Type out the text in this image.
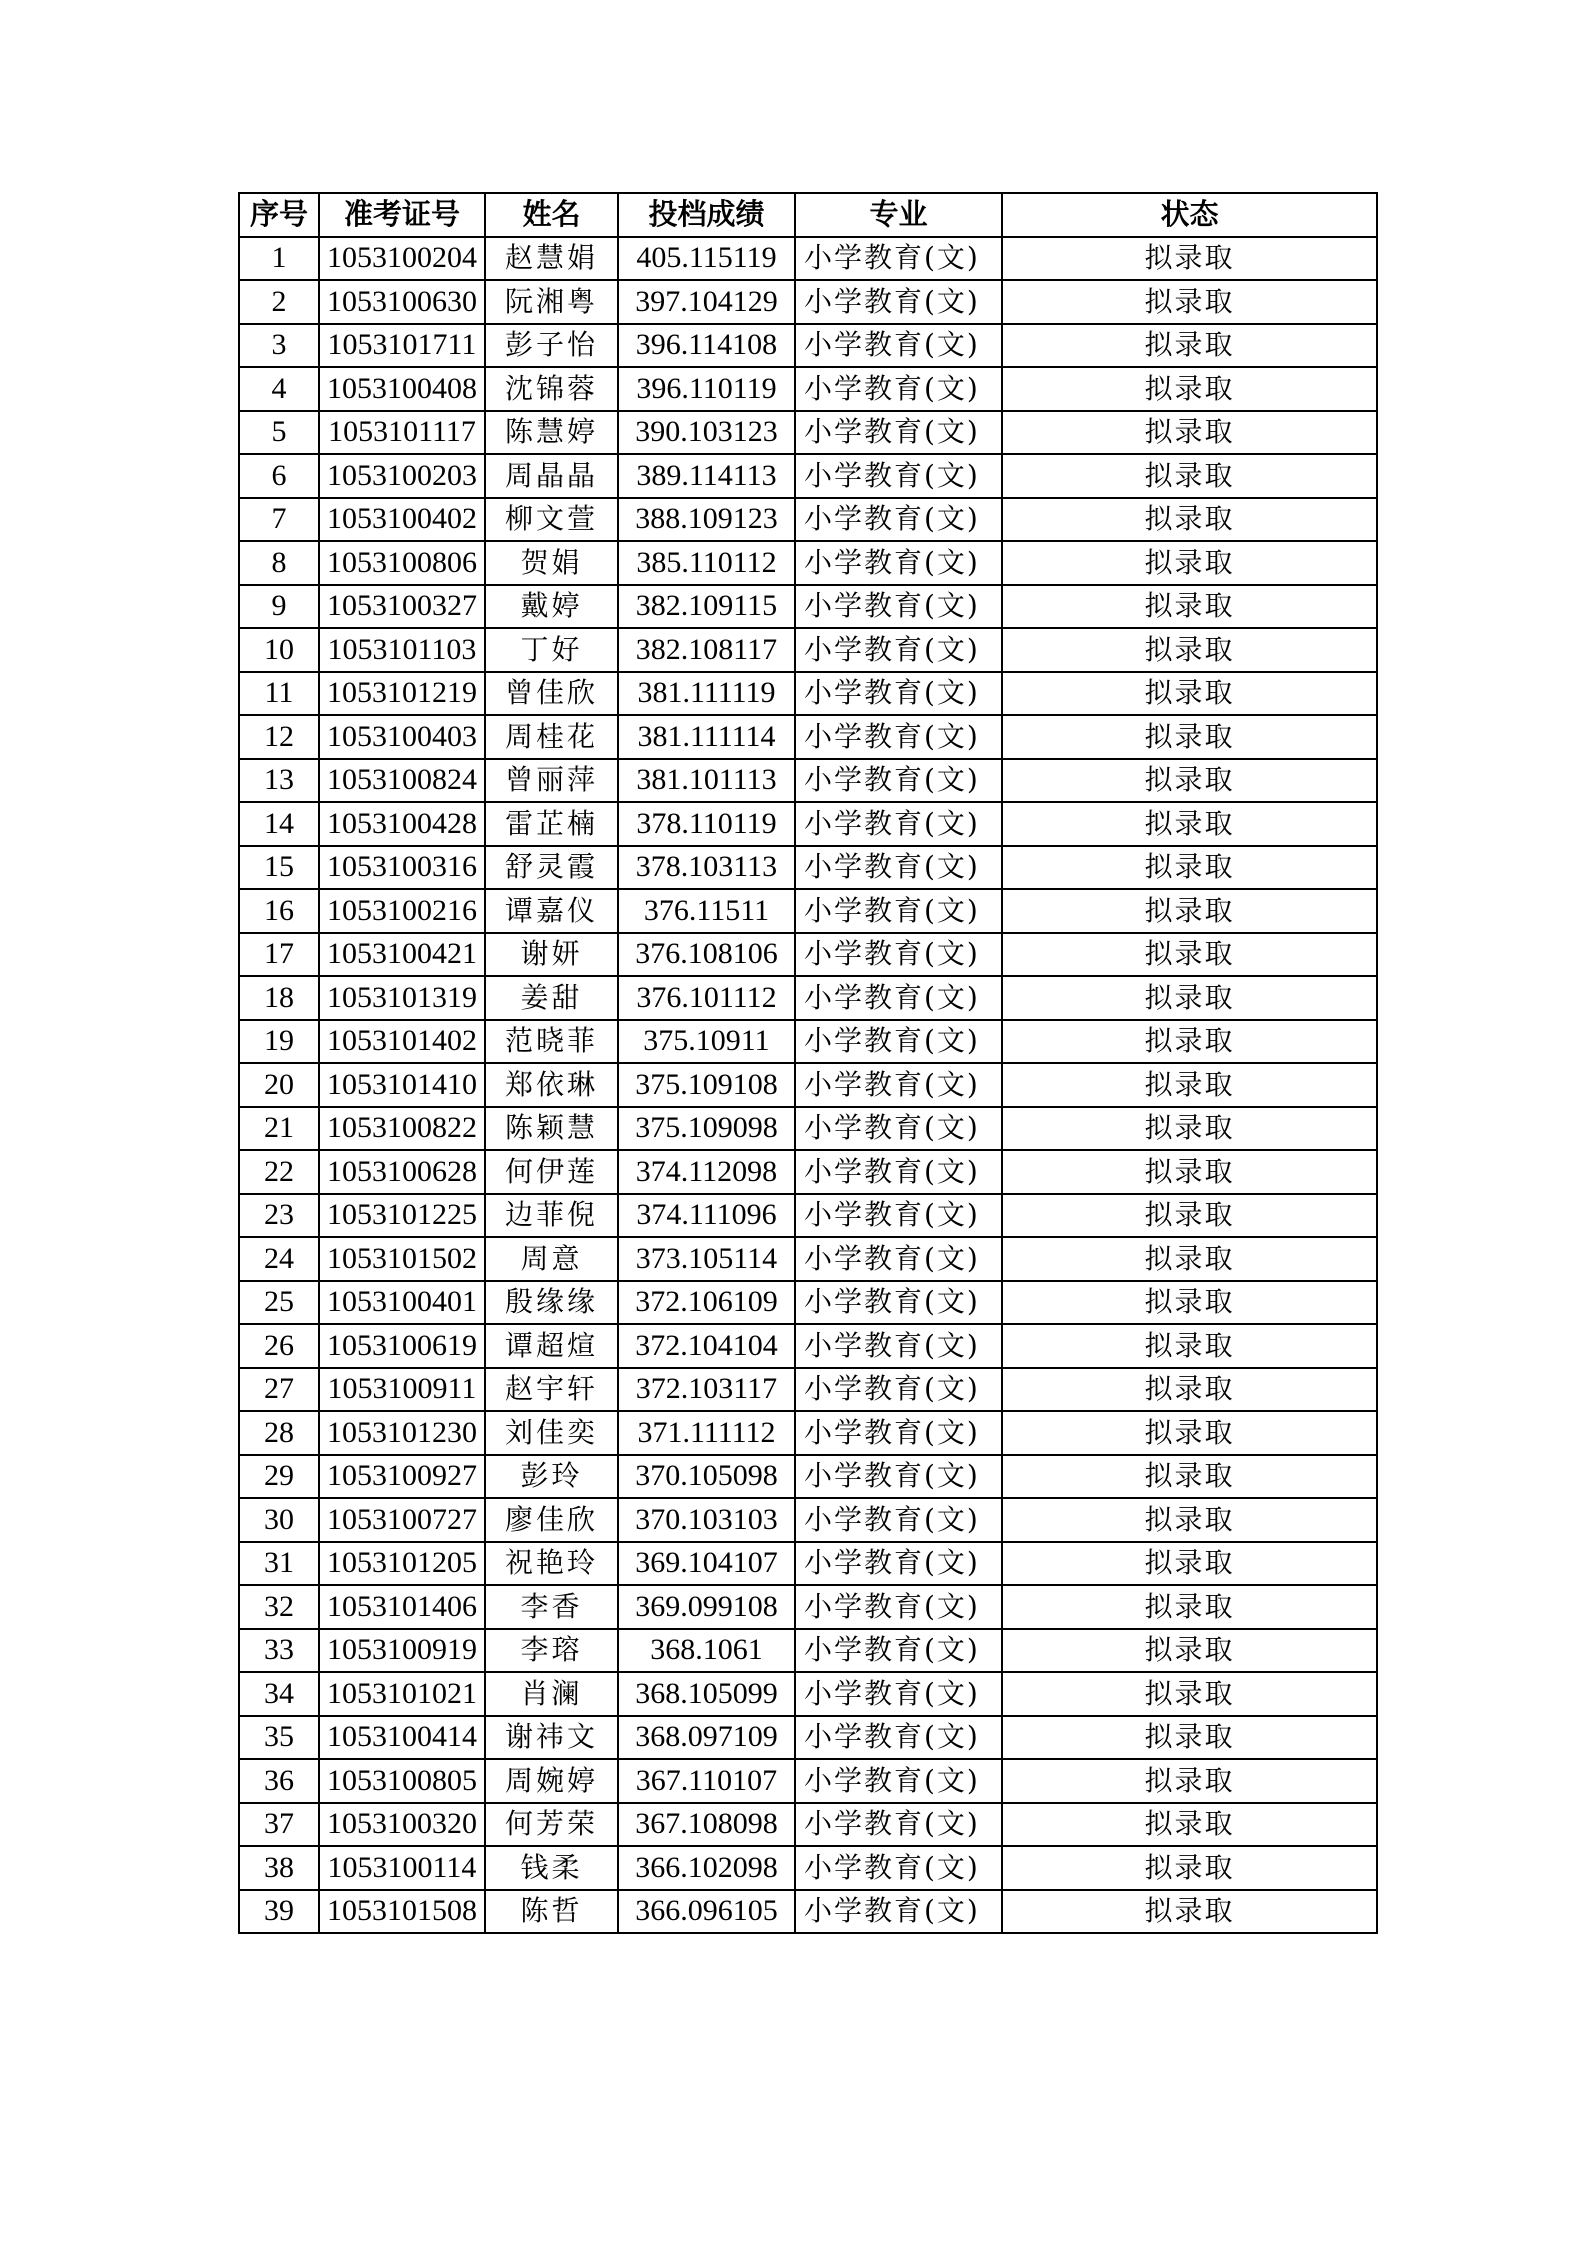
序号	准考证号	姓名	投档成绩	专业	状态
1	1053100204	赵慧娟	405.115119	小学教育(文)	拟录取
2	1053100630	阮湘粤	397.104129	小学教育(文)	拟录取
3	1053101711	彭子怡	396.114108	小学教育(文)	拟录取
4	1053100408	沈锦蓉	396.110119	小学教育(文)	拟录取
5	1053101117	陈慧婷	390.103123	小学教育(文)	拟录取
6	1053100203	周晶晶	389.114113	小学教育(文)	拟录取
7	1053100402	柳文萱	388.109123	小学教育(文)	拟录取
8	1053100806	贺娟	385.110112	小学教育(文)	拟录取
9	1053100327	戴婷	382.109115	小学教育(文)	拟录取
10	1053101103	丁好	382.108117	小学教育(文)	拟录取
11	1053101219	曾佳欣	381.111119	小学教育(文)	拟录取
12	1053100403	周桂花	381.111114	小学教育(文)	拟录取
13	1053100824	曾丽萍	381.101113	小学教育(文)	拟录取
14	1053100428	雷芷楠	378.110119	小学教育(文)	拟录取
15	1053100316	舒灵霞	378.103113	小学教育(文)	拟录取
16	1053100216	谭嘉仪	376.11511	小学教育(文)	拟录取
17	1053100421	谢妍	376.108106	小学教育(文)	拟录取
18	1053101319	姜甜	376.101112	小学教育(文)	拟录取
19	1053101402	范晓菲	375.10911	小学教育(文)	拟录取
20	1053101410	郑依琳	375.109108	小学教育(文)	拟录取
21	1053100822	陈颖慧	375.109098	小学教育(文)	拟录取
22	1053100628	何伊莲	374.112098	小学教育(文)	拟录取
23	1053101225	边菲倪	374.111096	小学教育(文)	拟录取
24	1053101502	周意	373.105114	小学教育(文)	拟录取
25	1053100401	殷缘缘	372.106109	小学教育(文)	拟录取
26	1053100619	谭超煊	372.104104	小学教育(文)	拟录取
27	1053100911	赵宇轩	372.103117	小学教育(文)	拟录取
28	1053101230	刘佳奕	371.111112	小学教育(文)	拟录取
29	1053100927	彭玲	370.105098	小学教育(文)	拟录取
30	1053100727	廖佳欣	370.103103	小学教育(文)	拟录取
31	1053101205	祝艳玲	369.104107	小学教育(文)	拟录取
32	1053101406	李香	369.099108	小学教育(文)	拟录取
33	1053100919	李瑢	368.1061	小学教育(文)	拟录取
34	1053101021	肖澜	368.105099	小学教育(文)	拟录取
35	1053100414	谢祎文	368.097109	小学教育(文)	拟录取
36	1053100805	周婉婷	367.110107	小学教育(文)	拟录取
37	1053100320	何芳荣	367.108098	小学教育(文)	拟录取
38	1053100114	钱柔	366.102098	小学教育(文)	拟录取
39	1053101508	陈哲	366.096105	小学教育(文)	拟录取
